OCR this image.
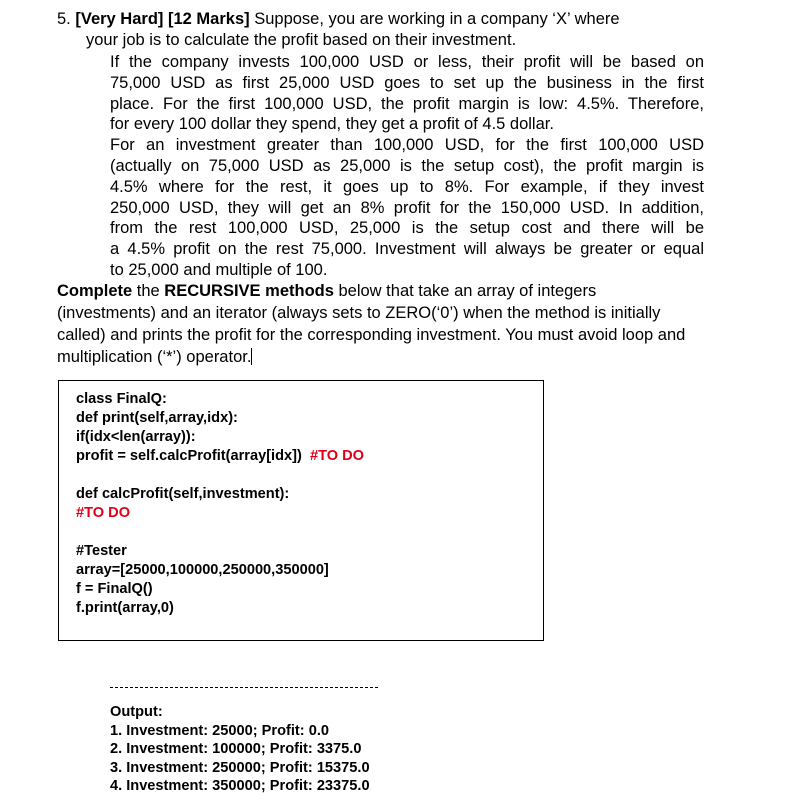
5. [Very Hard] [12 Marks] Suppose, you are working in a company ‘X’ where
your job is to calculate the profit based on their investment.
If the company invests 100,000 USD or less, their profit will be based on
75,000 USD as first 25,000 USD goes to set up the business in the first
place. For the first 100,000 USD, the profit margin is low: 4.5%. Therefore,
for every 100 dollar they spend, they get a profit of 4.5 dollar.
For an investment greater than 100,000 USD, for the first 100,000 USD
(actually on 75,000 USD as 25,000 is the setup cost), the profit margin is
4.5% where for the rest, it goes up to 8%. For example, if they invest
250,000 USD, they will get an 8% profit for the 150,000 USD. In addition,
from the rest 100,000 USD, 25,000 is the setup cost and there will be
a 4.5% profit on the rest 75,000. Investment will always be greater or equal
to 25,000 and multiple of 100.
Complete the RECURSIVE methods below that take an array of integers
(investments) and an iterator (always sets to ZERO(‘0’) when the method is initially
called) and prints the profit for the corresponding investment. You must avoid loop and
multiplication (‘*’) operator.
class FinalQ:
def print(self,array,idx):
if(idx<len(array)):
profit = self.calcProfit(array[idx]) #TO DO
def calcProfit(self,investment):
#TO DO
#Tester
array=[25000,100000,250000,350000]
f = FinalQ()
f.print(array,0)
Output:
1. Investment: 25000; Profit: 0.0
2. Investment: 100000; Profit: 3375.0
3. Investment: 250000; Profit: 15375.0
4. Investment: 350000; Profit: 23375.0
